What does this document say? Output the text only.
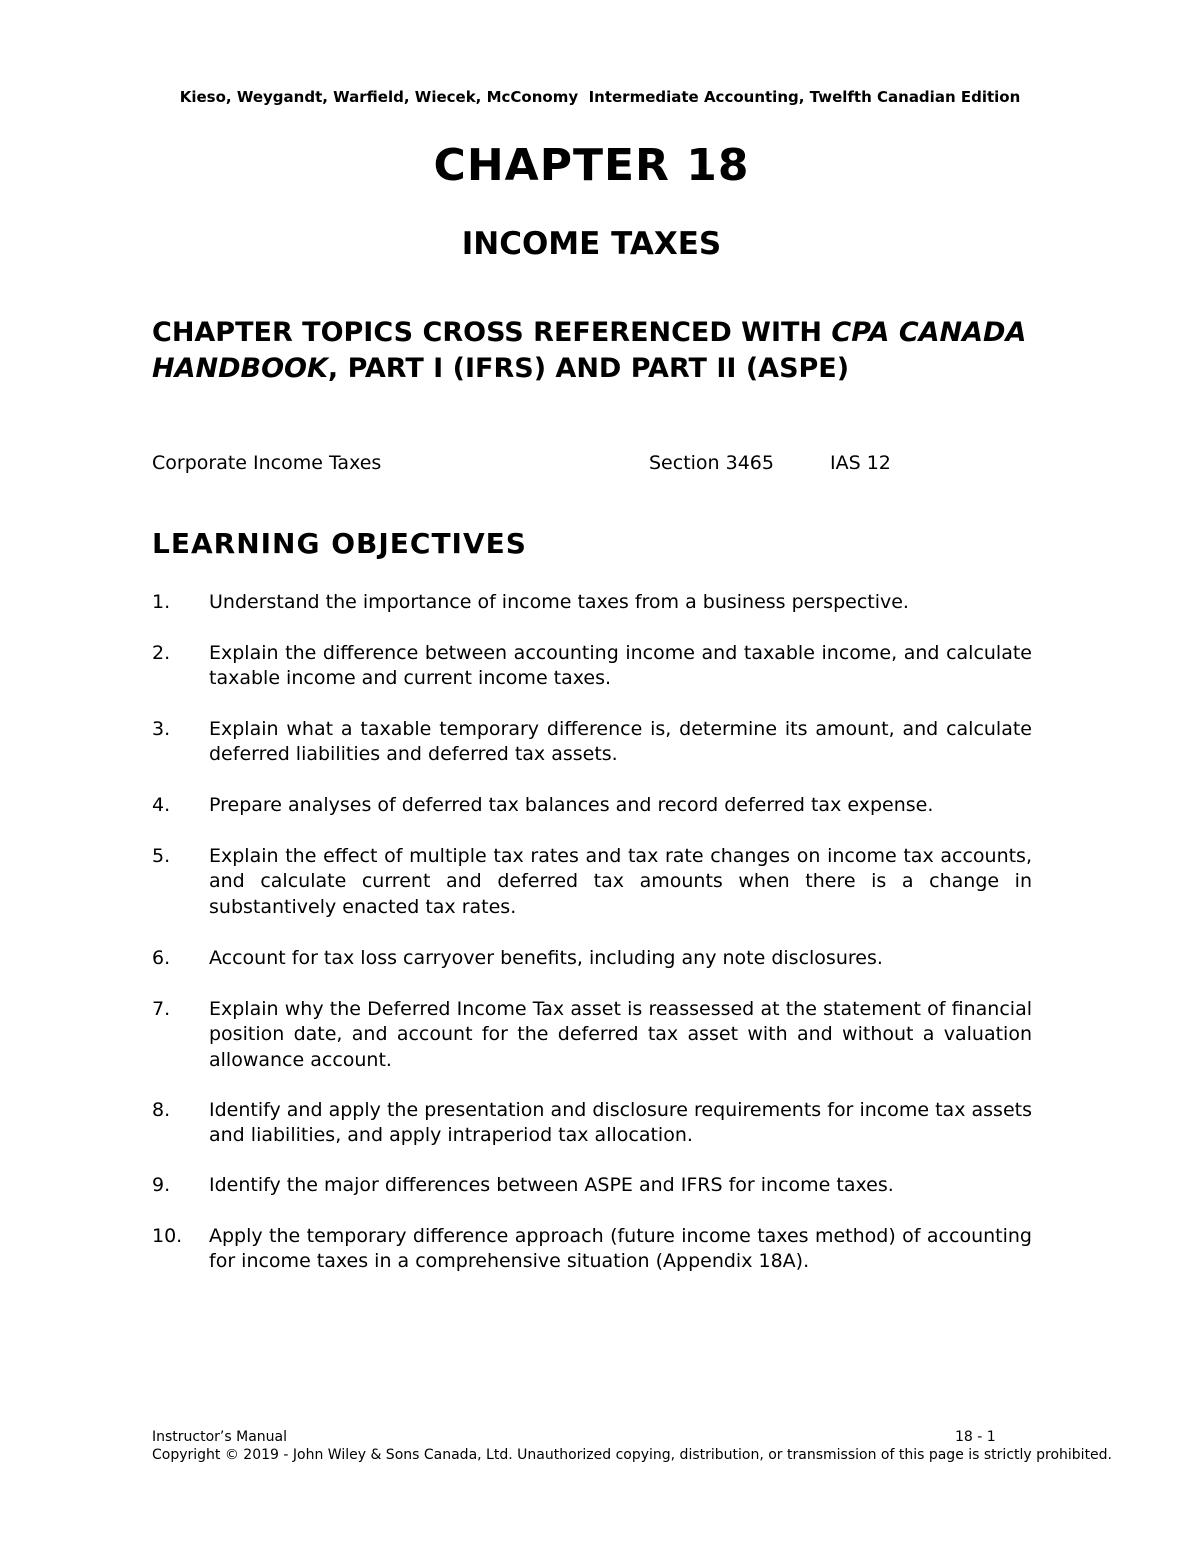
Kieso, Weygandt, Warfield, Wiecek, McConomy Intermediate Accounting, Twelfth Canadian Edition
CHAPTER 18
INCOME TAXES
CHAPTER TOPICS CROSS REFERENCED WITH CPA CANADA HANDBOOK, PART I (IFRS) AND PART II (ASPE)
Corporate Income Taxes	Section 3465	IAS 12
LEARNING OBJECTIVES
1. Understand the importance of income taxes from a business perspective.
2. Explain the difference between accounting income and taxable income, and calculate taxable income and current income taxes.
3. Explain what a taxable temporary difference is, determine its amount, and calculate deferred liabilities and deferred tax assets.
4. Prepare analyses of deferred tax balances and record deferred tax expense.
5. Explain the effect of multiple tax rates and tax rate changes on income tax accounts, and calculate current and deferred tax amounts when there is a change in substantively enacted tax rates.
6. Account for tax loss carryover benefits, including any note disclosures.
7. Explain why the Deferred Income Tax asset is reassessed at the statement of financial position date, and account for the deferred tax asset with and without a valuation allowance account.
8. Identify and apply the presentation and disclosure requirements for income tax assets and liabilities, and apply intraperiod tax allocation.
9. Identify the major differences between ASPE and IFRS for income taxes.
10. Apply the temporary difference approach (future income taxes method) of accounting for income taxes in a comprehensive situation (Appendix 18A).
Instructor’s Manual	18 - 1
Copyright © 2019 - John Wiley & Sons Canada, Ltd. Unauthorized copying, distribution, or transmission of this page is strictly prohibited.
